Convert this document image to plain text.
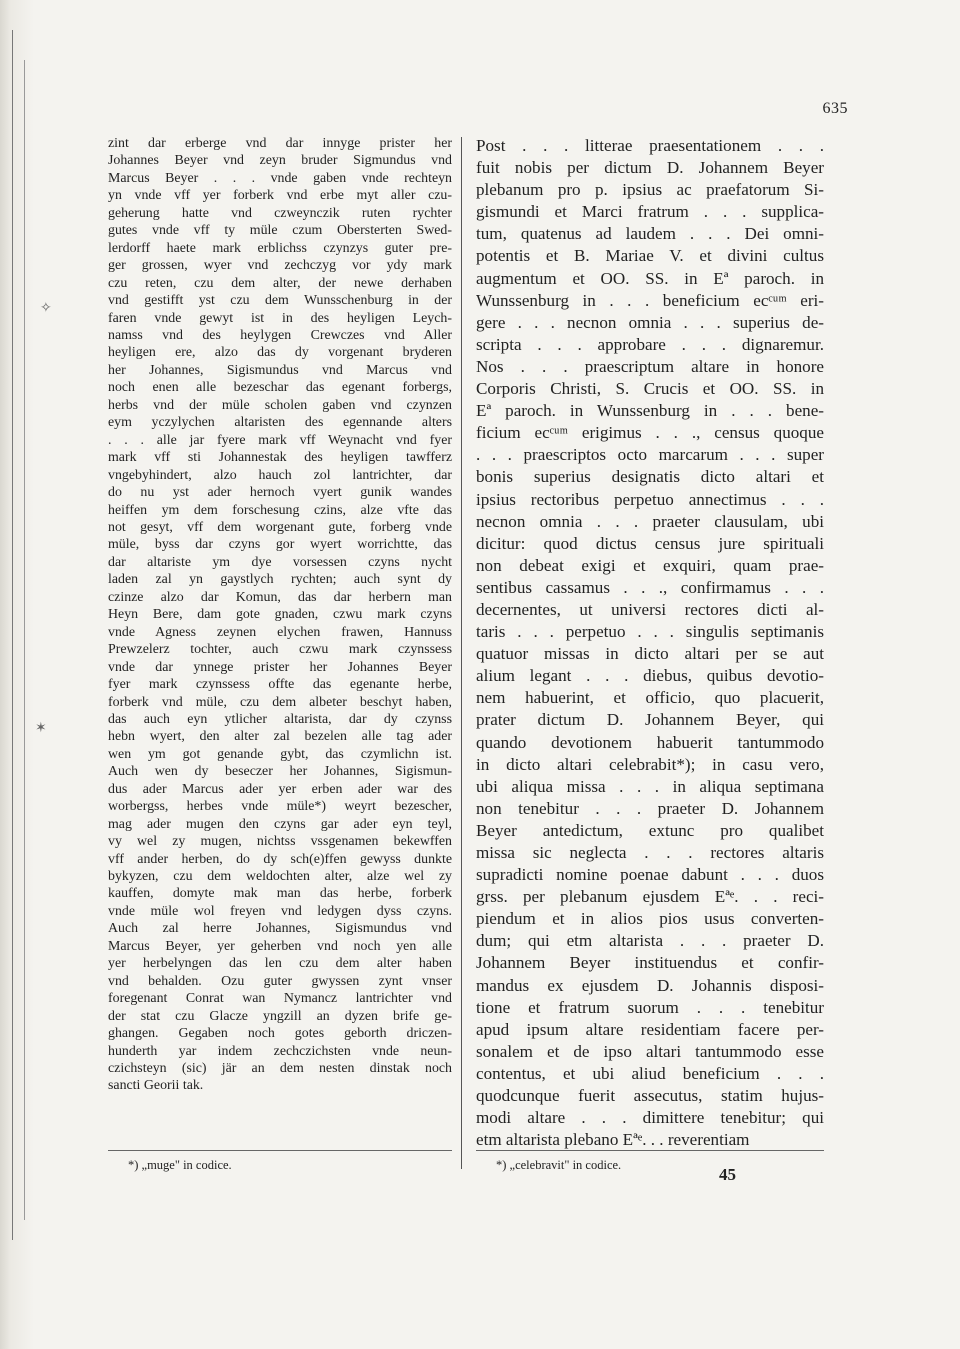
✧
✶
635
zint dar erberge vnd dar innyge prister her
Johannes Beyer vnd zeyn bruder Sigmundus vnd
Marcus Beyer . . . vnde gaben vnde rechteyn
yn vnde vff yer forberk vnd erbe myt aller czu-
geherung hatte vnd czweynczik ruten rychter
gutes vnde vff ty müle czum Obersterten Swed-
lerdorff haete mark erblichss czynzys guter pre-
ger grossen, wyer vnd zechczyg vor ydy mark
czu reten, czu dem alter, der newe derhaben
vnd gestifft yst czu dem Wunsschenburg in der
faren vnde gewyt ist in des heyligen Leych-
namss vnd des heylygen Crewczes vnd Aller
heyligen ere, alzo das dy vorgenant bryderen
her Johannes, Sigismundus vnd Marcus vnd
noch enen alle bezeschar das egenant forbergs,
herbs vnd der müle scholen gaben vnd czynzen
eym yczylychen altaristen des egennande alters
. . . alle jar fyere mark vff Weynacht vnd fyer
mark vff sti Johannestak des heyligen tawfferz
vngebyhindert, alzo hauch zol lantrichter, dar
do nu yst ader hernoch vyert gunik wandes
heiffen ym dem forschesung czins, alze vfte das
not gesyt, vff dem worgenant gute, forberg vnde
müle, byss dar czyns gor wyert worrichtte, das
dar altariste ym dye vorsessen czyns nycht
laden zal yn gaystlych rychten; auch synt dy
czinze alzo dar Komun, das dar herbern man
Heyn Bere, dam gote gnaden, czwu mark czyns
vnde Agness zeynen elychen frawen, Hannuss
Prewzelerz tochter, auch czwu mark czynssess
vnde dar ynnege prister her Johannes Beyer
fyer mark czynssess offte das egenante herbe,
forberk vnd müle, czu dem albeter beschyt haben,
das auch eyn ytlicher altarista, dar dy czynss
hebn wyert, den alter zal bezelen alle tag ader
wen ym got genande gybt, das czymlichn ist.
Auch wen dy beseczer her Johannes, Sigismun-
dus ader Marcus ader yer erben ader war des
worbergss, herbes vnde müle*) weyrt bezescher,
mag ader mugen den czyns gar ader eyn teyl,
vy wel zy mugen, nichtss vssgenamen bekewffen
vff ander herben, do dy sch(e)ffen gewyss dunkte
bykyzen, czu dem weldochten alter, alze wel zy
kauffen, domyte mak man das herbe, forberk
vnde müle wol freyen vnd ledygen dyss czyns.
Auch zal herre Johannes, Sigismundus vnd
Marcus Beyer, yer geherben vnd noch yen alle
yer herbelyngen das len czu dem alter haben
vnd behalden. Ozu guter gwyssen zynt vnser
foregenant Conrat wan Nymancz lantrichter vnd
der stat czu Glacze yngzill an dyzen brife ge-
ghangen. Gegaben noch gotes geborth driczen-
hunderth yar indem zechczichsten vnde neun-
czichsteyn (sic) jär an dem nesten dinstak noch
sancti Georii tak.
Post . . . litterae praesentationem . . .
fuit nobis per dictum D. Johannem Beyer
plebanum pro p. ipsius ac praefatorum Si-
gismundi et Marci fratrum . . . supplica-
tum, quatenus ad laudem . . . Dei omni-
potentis et B. Mariae V. et divini cultus
augmentum et OO. SS. in Eª paroch. in
Wunssenburg in . . . beneficium ecᶜᵘᵐ eri-
gere . . . necnon omnia . . . superius de-
scripta . . . approbare . . . dignaremur.
Nos . . . praescriptum altare in honore
Corporis Christi, S. Crucis et OO. SS. in
Eª paroch. in Wunssenburg in . . . bene-
ficium ecᶜᵘᵐ erigimus . . ., census quoque
. . . praescriptos octo marcarum . . . super
bonis superius designatis dicto altari et
ipsius rectoribus perpetuo annectimus . . .
necnon omnia . . . praeter clausulam, ubi
dicitur: quod dictus census jure spirituali
non debeat exigi et exquiri, quam prae-
sentibus cassamus . . ., confirmamus . . .
decernentes, ut universi rectores dicti al-
taris . . . perpetuo . . . singulis septimanis
quatuor missas in dicto altari per se aut
alium legant . . . diebus, quibus devotio-
nem habuerint, et officio, quo placuerit,
prater dictum D. Johannem Beyer, qui
quando devotionem habuerit tantummodo
in dicto altari celebrabit*); in casu vero,
ubi aliqua missa . . . in aliqua septimana
non tenebitur . . . praeter D. Johannem
Beyer antedictum, extunc pro qualibet
missa sic neglecta . . . rectores altaris
supradicti nomine poenae dabunt . . . duos
grss. per plebanum ejusdem Eªᵉ. . . reci-
piendum et in alios pios usus converten-
dum; qui etm altarista . . . praeter D.
Johannem Beyer instituendus et confir-
mandus ex ejusdem D. Johannis disposi-
tione et fratrum suorum . . . tenebitur
apud ipsum altare residentiam facere per-
sonalem et de ipso altari tantummodo esse
contentus, et ubi aliud beneficium . . .
quodcunque fuerit assecutus, statim hujus-
modi altare . . . dimittere tenebitur; qui
etm altarista plebano Eªᵉ. . . reverentiam
*) „muge" in codice.	*) „celebravit" in codice.	45
